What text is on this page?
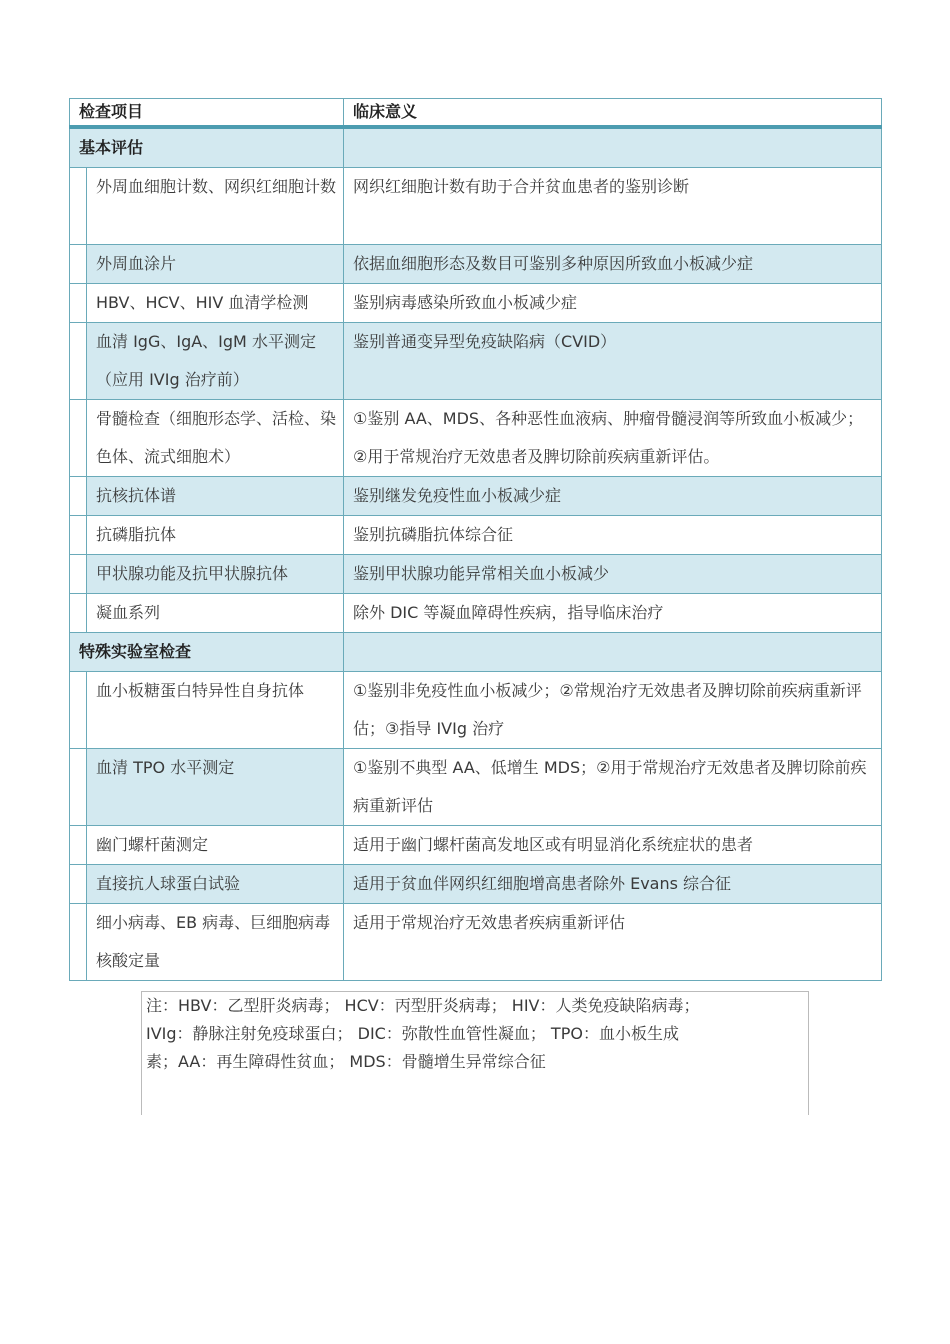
检查项目		临床意义

基本评估		

	外周血细胞计数、网织红细胞计数	网织红细胞计数有助于合并贫血患者的鉴别诊断

	外周血涂片	依据血细胞形态及数目可鉴别多种原因所致血小板减少症

	HBV、HCV、HIV 血清学检测	鉴别病毒感染所致血小板减少症

	血清 IgG、IgA、IgM 水平测定（应用 IVIg 治疗前）	鉴别普通变异型免疫缺陷病（CVID）

	骨髓检查（细胞形态学、活检、染色体、流式细胞术）	①鉴别 AA、MDS、各种恶性血液病、肿瘤骨髓浸润等所致血小板减少；②用于常规治疗无效患者及脾切除前疾病重新评估。

	抗核抗体谱	鉴别继发免疫性血小板减少症

	抗磷脂抗体	鉴别抗磷脂抗体综合征

	甲状腺功能及抗甲状腺抗体	鉴别甲状腺功能异常相关血小板减少

	凝血系列	除外 DIC 等凝血障碍性疾病，指导临床治疗

特殊实验室检查		

	血小板糖蛋白特异性自身抗体	①鉴别非免疫性血小板减少；②常规治疗无效患者及脾切除前疾病重新评估；③指导 IVIg 治疗

	血清 TPO 水平测定	①鉴别不典型 AA、低增生 MDS；②用于常规治疗无效患者及脾切除前疾病重新评估

	幽门螺杆菌测定	适用于幽门螺杆菌高发地区或有明显消化系统症状的患者

	直接抗人球蛋白试验	适用于贫血伴网织红细胞增高患者除外 Evans 综合征

	细小病毒、EB 病毒、巨细胞病毒核酸定量	适用于常规治疗无效患者疾病重新评估

注：HBV：乙型肝炎病毒； HCV：丙型肝炎病毒； HIV：人类免疫缺陷病毒；

IVIg：静脉注射免疫球蛋白； DIC：弥散性血管性凝血； TPO：血小板生成

素；AA：再生障碍性贫血； MDS：骨髓增生异常综合征
